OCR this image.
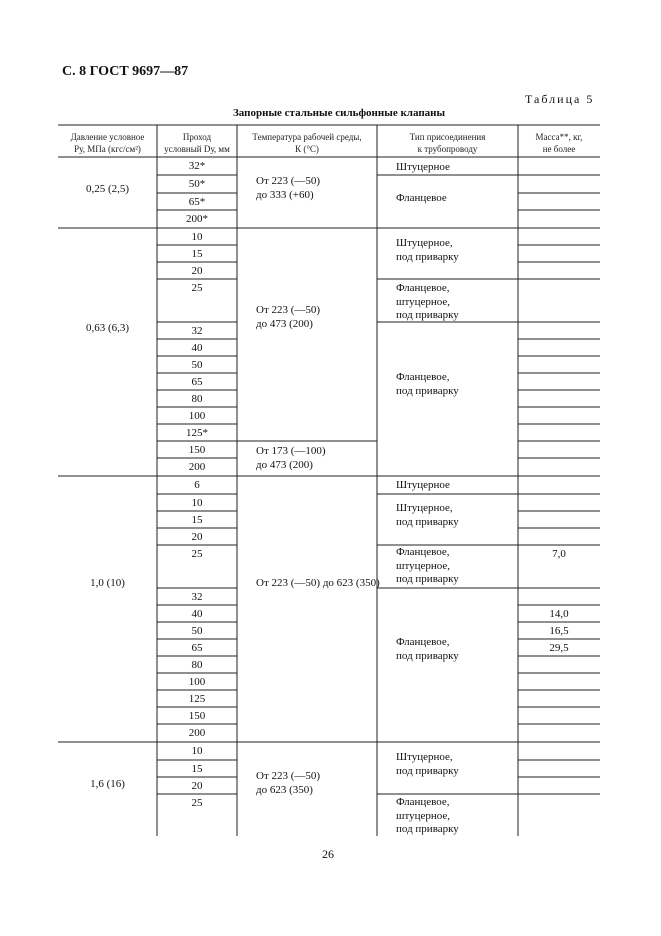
С. 8 ГОСТ 9697—87
Таблица 5
Запорные стальные сильфонные клапаны
Давление условное
Pу, МПа (кгс/см²)
Проход
условный Dу, мм
Температура рабочей среды,
К (°С)
Тип присоединения
к трубопроводу
Масса**, кг,
не более
0,25 (2,5)
0,63 (6,3)
1,0 (10)
1,6 (16)
32*
50*
65*
200*
10
15
20
25
32
40
50
65
80
100
125*
150
200
6
10
15
20
25
32
40
50
65
80
100
125
150
200
10
15
20
25
От 223 (—50)
до 333 (+60)
От 223 (—50)
до 473 (200)
От 173 (—100)
до 473 (200)
От 223 (—50) до 623 (350)
От 223 (—50)
до 623 (350)
Штуцерное
Фланцевое
Штуцерное,
под приварку
Фланцевое,
штуцерное,
под приварку
Фланцевое,
под приварку
Штуцерное
Штуцерное,
под приварку
Фланцевое,
штуцерное,
под приварку
Фланцевое,
под приварку
Штуцерное,
под приварку
Фланцевое,
штуцерное,
под приварку
7,0
14,0
16,5
29,5
26
